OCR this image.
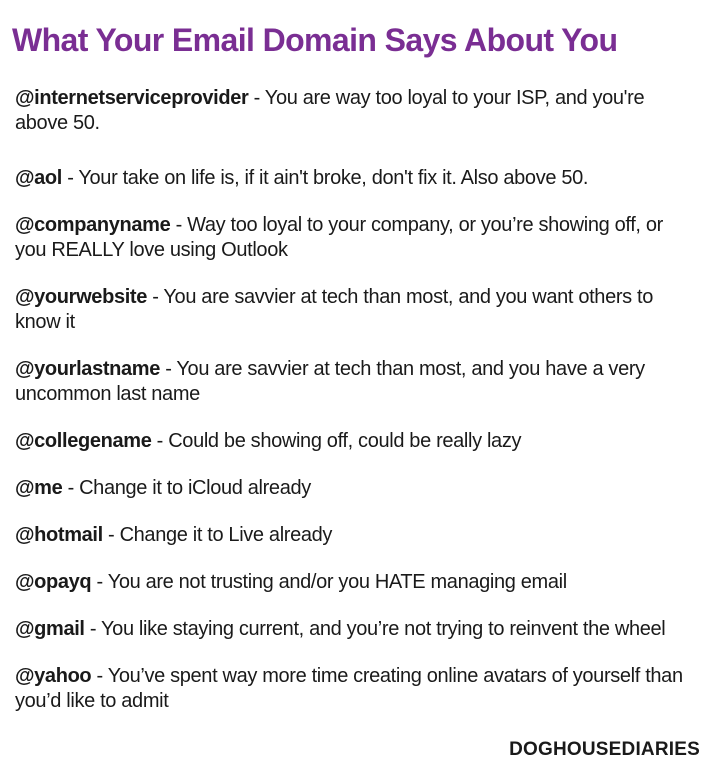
What Your Email Domain Says About You
@internetserviceprovider - You are way too loyal to your ISP, and you're above 50.
@aol - Your take on life is, if it ain't broke, don't fix it. Also above 50.
@companyname - Way too loyal to your company, or you’re showing off, or you REALLY love using Outlook
@yourwebsite - You are savvier at tech than most, and you want others to know it
@yourlastname - You are savvier at tech than most, and you have a very uncommon last name
@collegename - Could be showing off, could be really lazy
@me - Change it to iCloud already
@hotmail - Change it to Live already
@opayq - You are not trusting and/or you HATE managing email
@gmail - You like staying current, and you’re not trying to reinvent the wheel
@yahoo - You’ve spent way more time creating online avatars of yourself than you’d like to admit
DOGHOUSEDIARIES
